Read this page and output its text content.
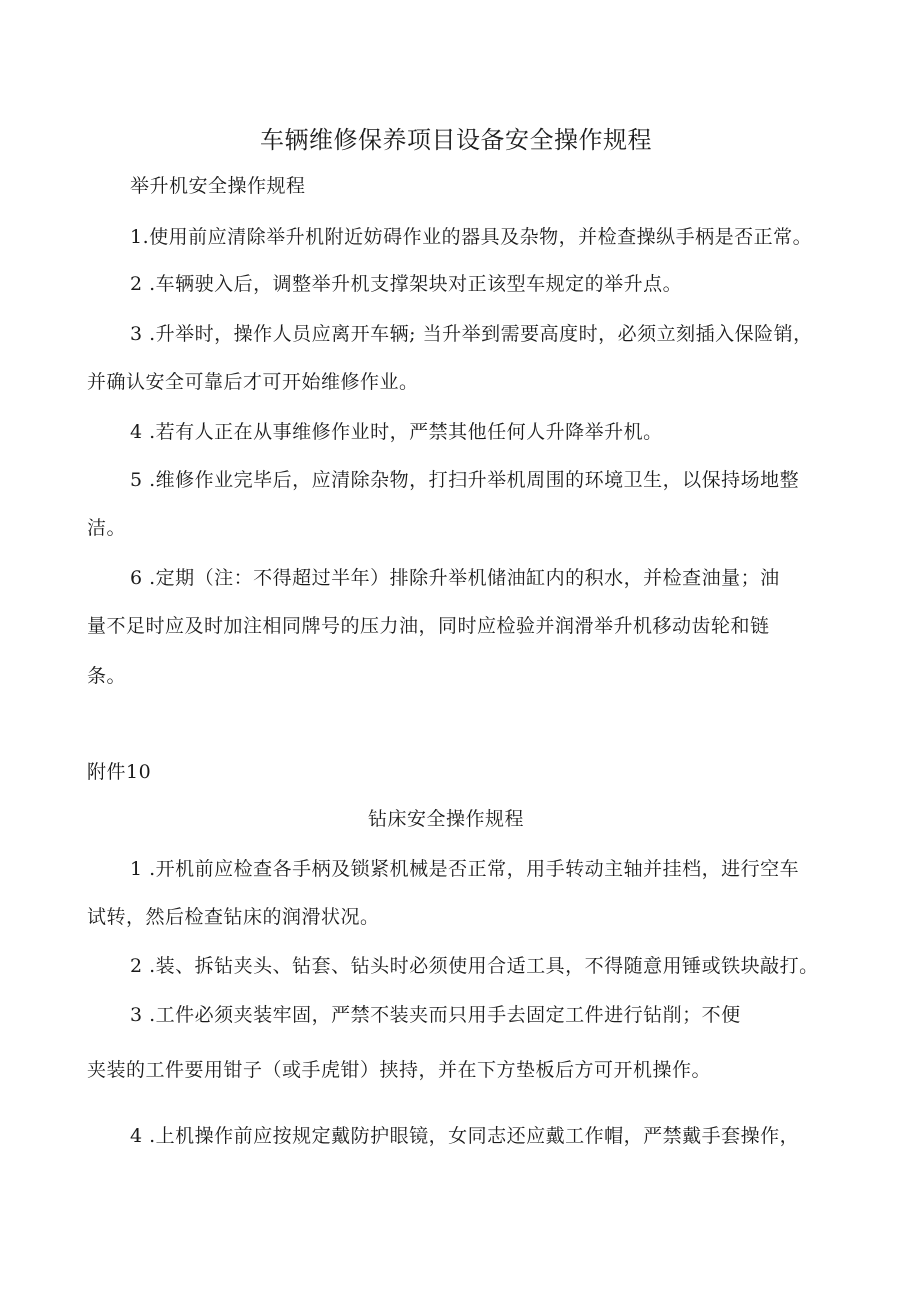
车辆维修保养项目设备安全操作规程
举升机安全操作规程
1.使用前应清除举升机附近妨碍作业的器具及杂物，并检查操纵手柄是否正常。
2 .车辆驶入后，调整举升机支撑架块对正该型车规定的举升点。
3 .升举时，操作人员应离开车辆; 当升举到需要高度时，必须立刻插入保险销，
并确认安全可靠后才可开始维修作业。
4 .若有人正在从事维修作业时，严禁其他任何人升降举升机。
5 .维修作业完毕后，应清除杂物，打扫升举机周围的环境卫生，以保持场地整
洁。
6 .定期（注：不得超过半年）排除升举机储油缸内的积水，并检查油量；油
量不足时应及时加注相同牌号的压力油，同时应检验并润滑举升机移动齿轮和链
条。
附件10
钻床安全操作规程
1 .开机前应检查各手柄及锁紧机械是否正常，用手转动主轴并挂档，进行空车
试转，然后检查钻床的润滑状况。
2 .装、拆钻夹头、钻套、钻头时必须使用合适工具，不得随意用锤或铁块敲打。
3 .工件必须夹装牢固，严禁不装夹而只用手去固定工件进行钻削；不便
夹装的工件要用钳子（或手虎钳）挟持，并在下方垫板后方可开机操作。
4 .上机操作前应按规定戴防护眼镜，女同志还应戴工作帽，严禁戴手套操作，
